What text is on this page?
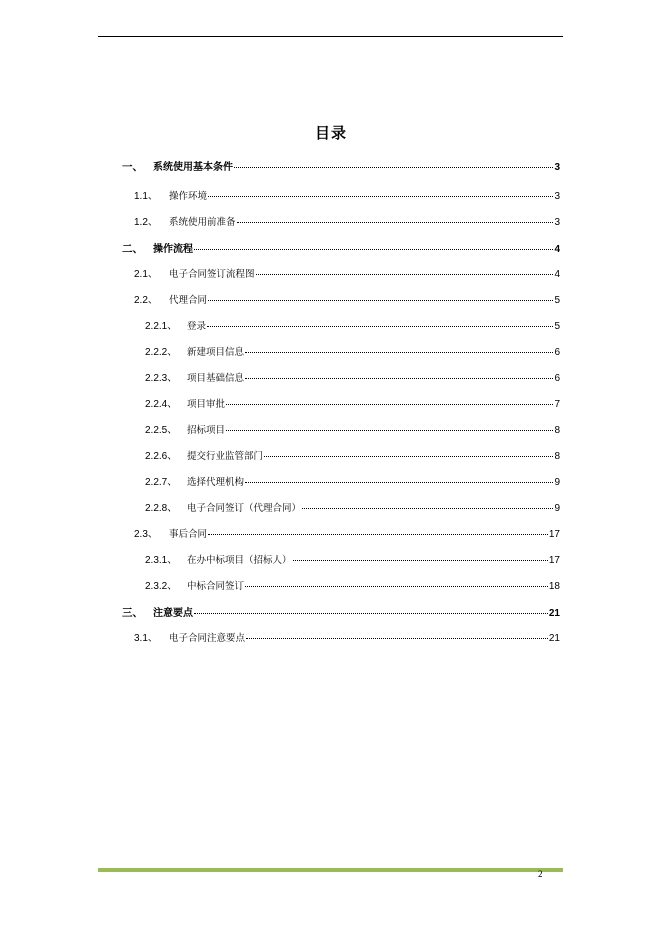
目录
一、	系统使用基本条件	3
1.1、	操作环境	3
1.2、	系统使用前准备	3
二、	操作流程	4
2.1、	电子合同签订流程图	4
2.2、	代理合同	5
2.2.1、	登录	5
2.2.2、	新建项目信息	6
2.2.3、	项目基础信息	6
2.2.4、	项目审批	7
2.2.5、	招标项目	8
2.2.6、	提交行业监管部门	8
2.2.7、	选择代理机构	9
2.2.8、	电子合同签订（代理合同）	9
2.3、	事后合同	17
2.3.1、	在办中标项目（招标人）	17
2.3.2、	中标合同签订	18
三、	注意要点	21
3.1、	电子合同注意要点	21
2
